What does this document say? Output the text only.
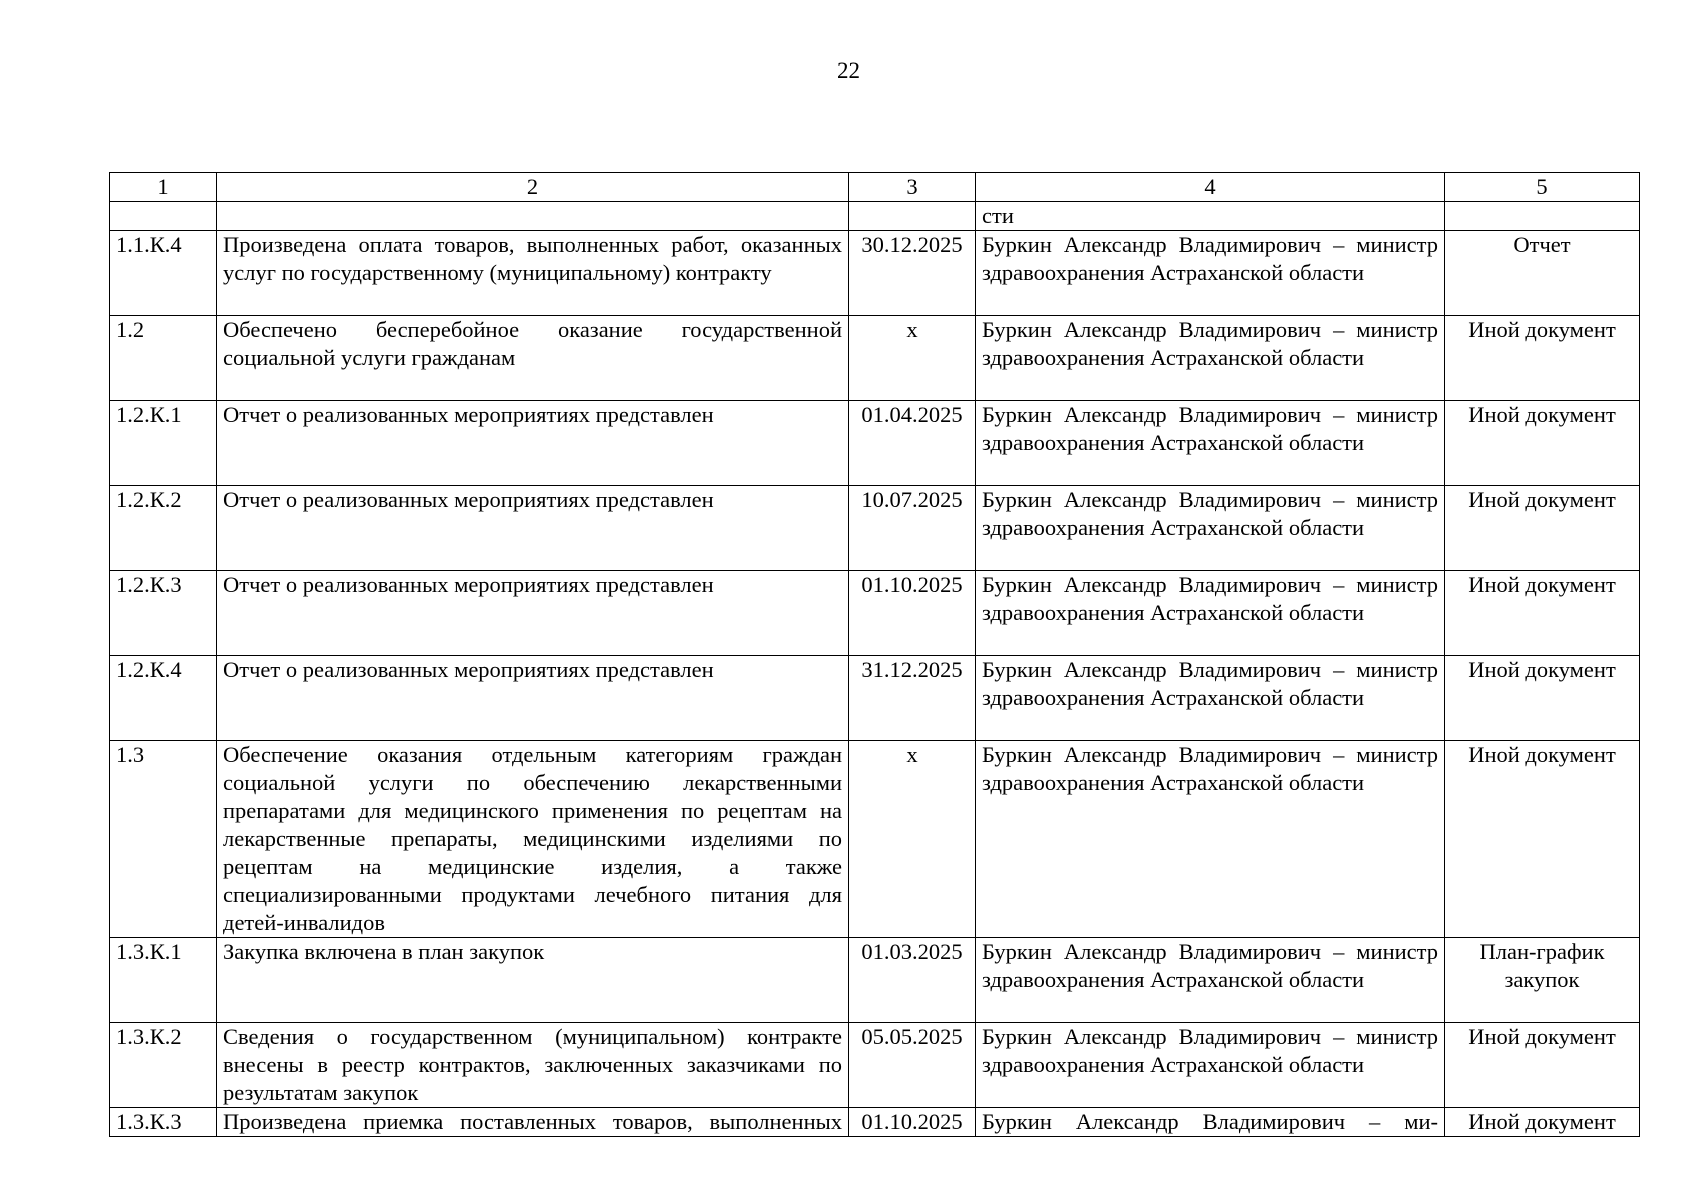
22
1	2	3	4	5
			сти	
1.1.К.4	Произведена оплата товаров, выполненных работ, оказанных услуг по государственному (муниципальному) контракту	30.12.2025	Буркин Александр Владимирович – министр здравоохранения Астраханской области	Отчет
1.2	Обеспечено бесперебойное оказание государственной социальной услуги гражданам	x	Буркин Александр Владимирович – министр здравоохранения Астраханской области	Иной документ
1.2.К.1	Отчет о реализованных мероприятиях представлен	01.04.2025	Буркин Александр Владимирович – министр здравоохранения Астраханской области	Иной документ
1.2.К.2	Отчет о реализованных мероприятиях представлен	10.07.2025	Буркин Александр Владимирович – министр здравоохранения Астраханской области	Иной документ
1.2.К.3	Отчет о реализованных мероприятиях представлен	01.10.2025	Буркин Александр Владимирович – министр здравоохранения Астраханской области	Иной документ
1.2.К.4	Отчет о реализованных мероприятиях представлен	31.12.2025	Буркин Александр Владимирович – министр здравоохранения Астраханской области	Иной документ
1.3	Обеспечение оказания отдельным категориям граждан социальной услуги по обеспечению лекарственными препаратами для медицинского применения по рецептам на лекарственные препараты, медицинскими изделиями по рецептам на медицинские изделия, а также специализированными продуктами лечебного питания для детей-инвалидов	x	Буркин Александр Владимирович – министр здравоохранения Астраханской области	Иной документ
1.3.К.1	Закупка включена в план закупок	01.03.2025	Буркин Александр Владимирович – министр здравоохранения Астраханской области	План-график закупок
1.3.К.2	Сведения о государственном (муниципальном) контракте внесены в реестр контрактов, заключенных заказчиками по результатам закупок	05.05.2025	Буркин Александр Владимирович – министр здравоохранения Астраханской области	Иной документ
1.3.К.3	Произведена приемка поставленных товаров, выполненных	01.10.2025	Буркин Александр Владимирович – ми-	Иной документ
